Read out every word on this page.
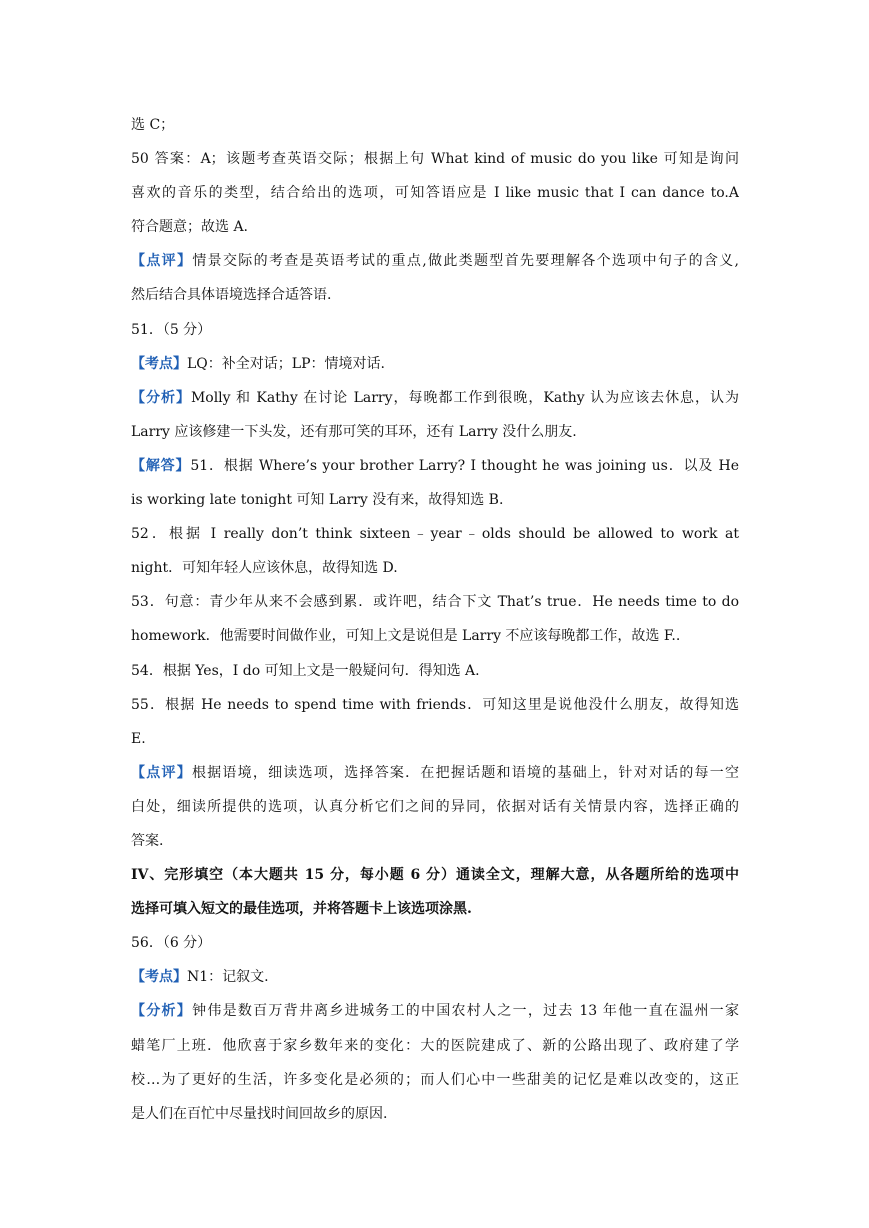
选 C；
50 答案：A；该题考查英语交际；根据上句 What kind of music do you like 可知是询问
喜欢的音乐的类型，结合给出的选项，可知答语应是 I like music that I can dance to.A
符合题意；故选 A.
【点评】情景交际的考查是英语考试的重点,做此类题型首先要理解各个选项中句子的含义,
然后结合具体语境选择合适答语.
51．（5 分）
【考点】LQ：补全对话；LP：情境对话.
【分析】Molly 和 Kathy 在讨论 Larry，每晚都工作到很晚，Kathy 认为应该去休息，认为
Larry 应该修建一下头发，还有那可笑的耳环，还有 Larry 没什么朋友.
【解答】51．根据 Where’s your brother Larry? I thought he was joining us．以及 He
is working late tonight 可知 Larry 没有来，故得知选 B.
52．根据 I really don’t think sixteen﹣year﹣olds should be allowed to work at
night．可知年轻人应该休息，故得知选 D.
53．句意：青少年从来不会感到累．或许吧，结合下文 That’s true．He needs time to do
homework．他需要时间做作业，可知上文是说但是 Larry 不应该每晚都工作，故选 F..
54．根据 Yes，I do 可知上文是一般疑问句．得知选 A.
55．根据 He needs to spend time with friends．可知这里是说他没什么朋友，故得知选
E.
【点评】根据语境，细读选项，选择答案．在把握话题和语境的基础上，针对对话的每一空
白处，细读所提供的选项，认真分析它们之间的异同，依据对话有关情景内容，选择正确的
答案.
IV、完形填空（本大题共 15 分，每小题 6 分）通读全文，理解大意，从各题所给的选项中
选择可填入短文的最佳选项，并将答题卡上该选项涂黑.
56．（6 分）
【考点】N1：记叙文.
【分析】钟伟是数百万背井离乡进城务工的中国农村人之一，过去 13 年他一直在温州一家
蜡笔厂上班．他欣喜于家乡数年来的变化：大的医院建成了、新的公路出现了、政府建了学
校…为了更好的生活，许多变化是必须的；而人们心中一些甜美的记忆是难以改变的，这正
是人们在百忙中尽量找时间回故乡的原因.
